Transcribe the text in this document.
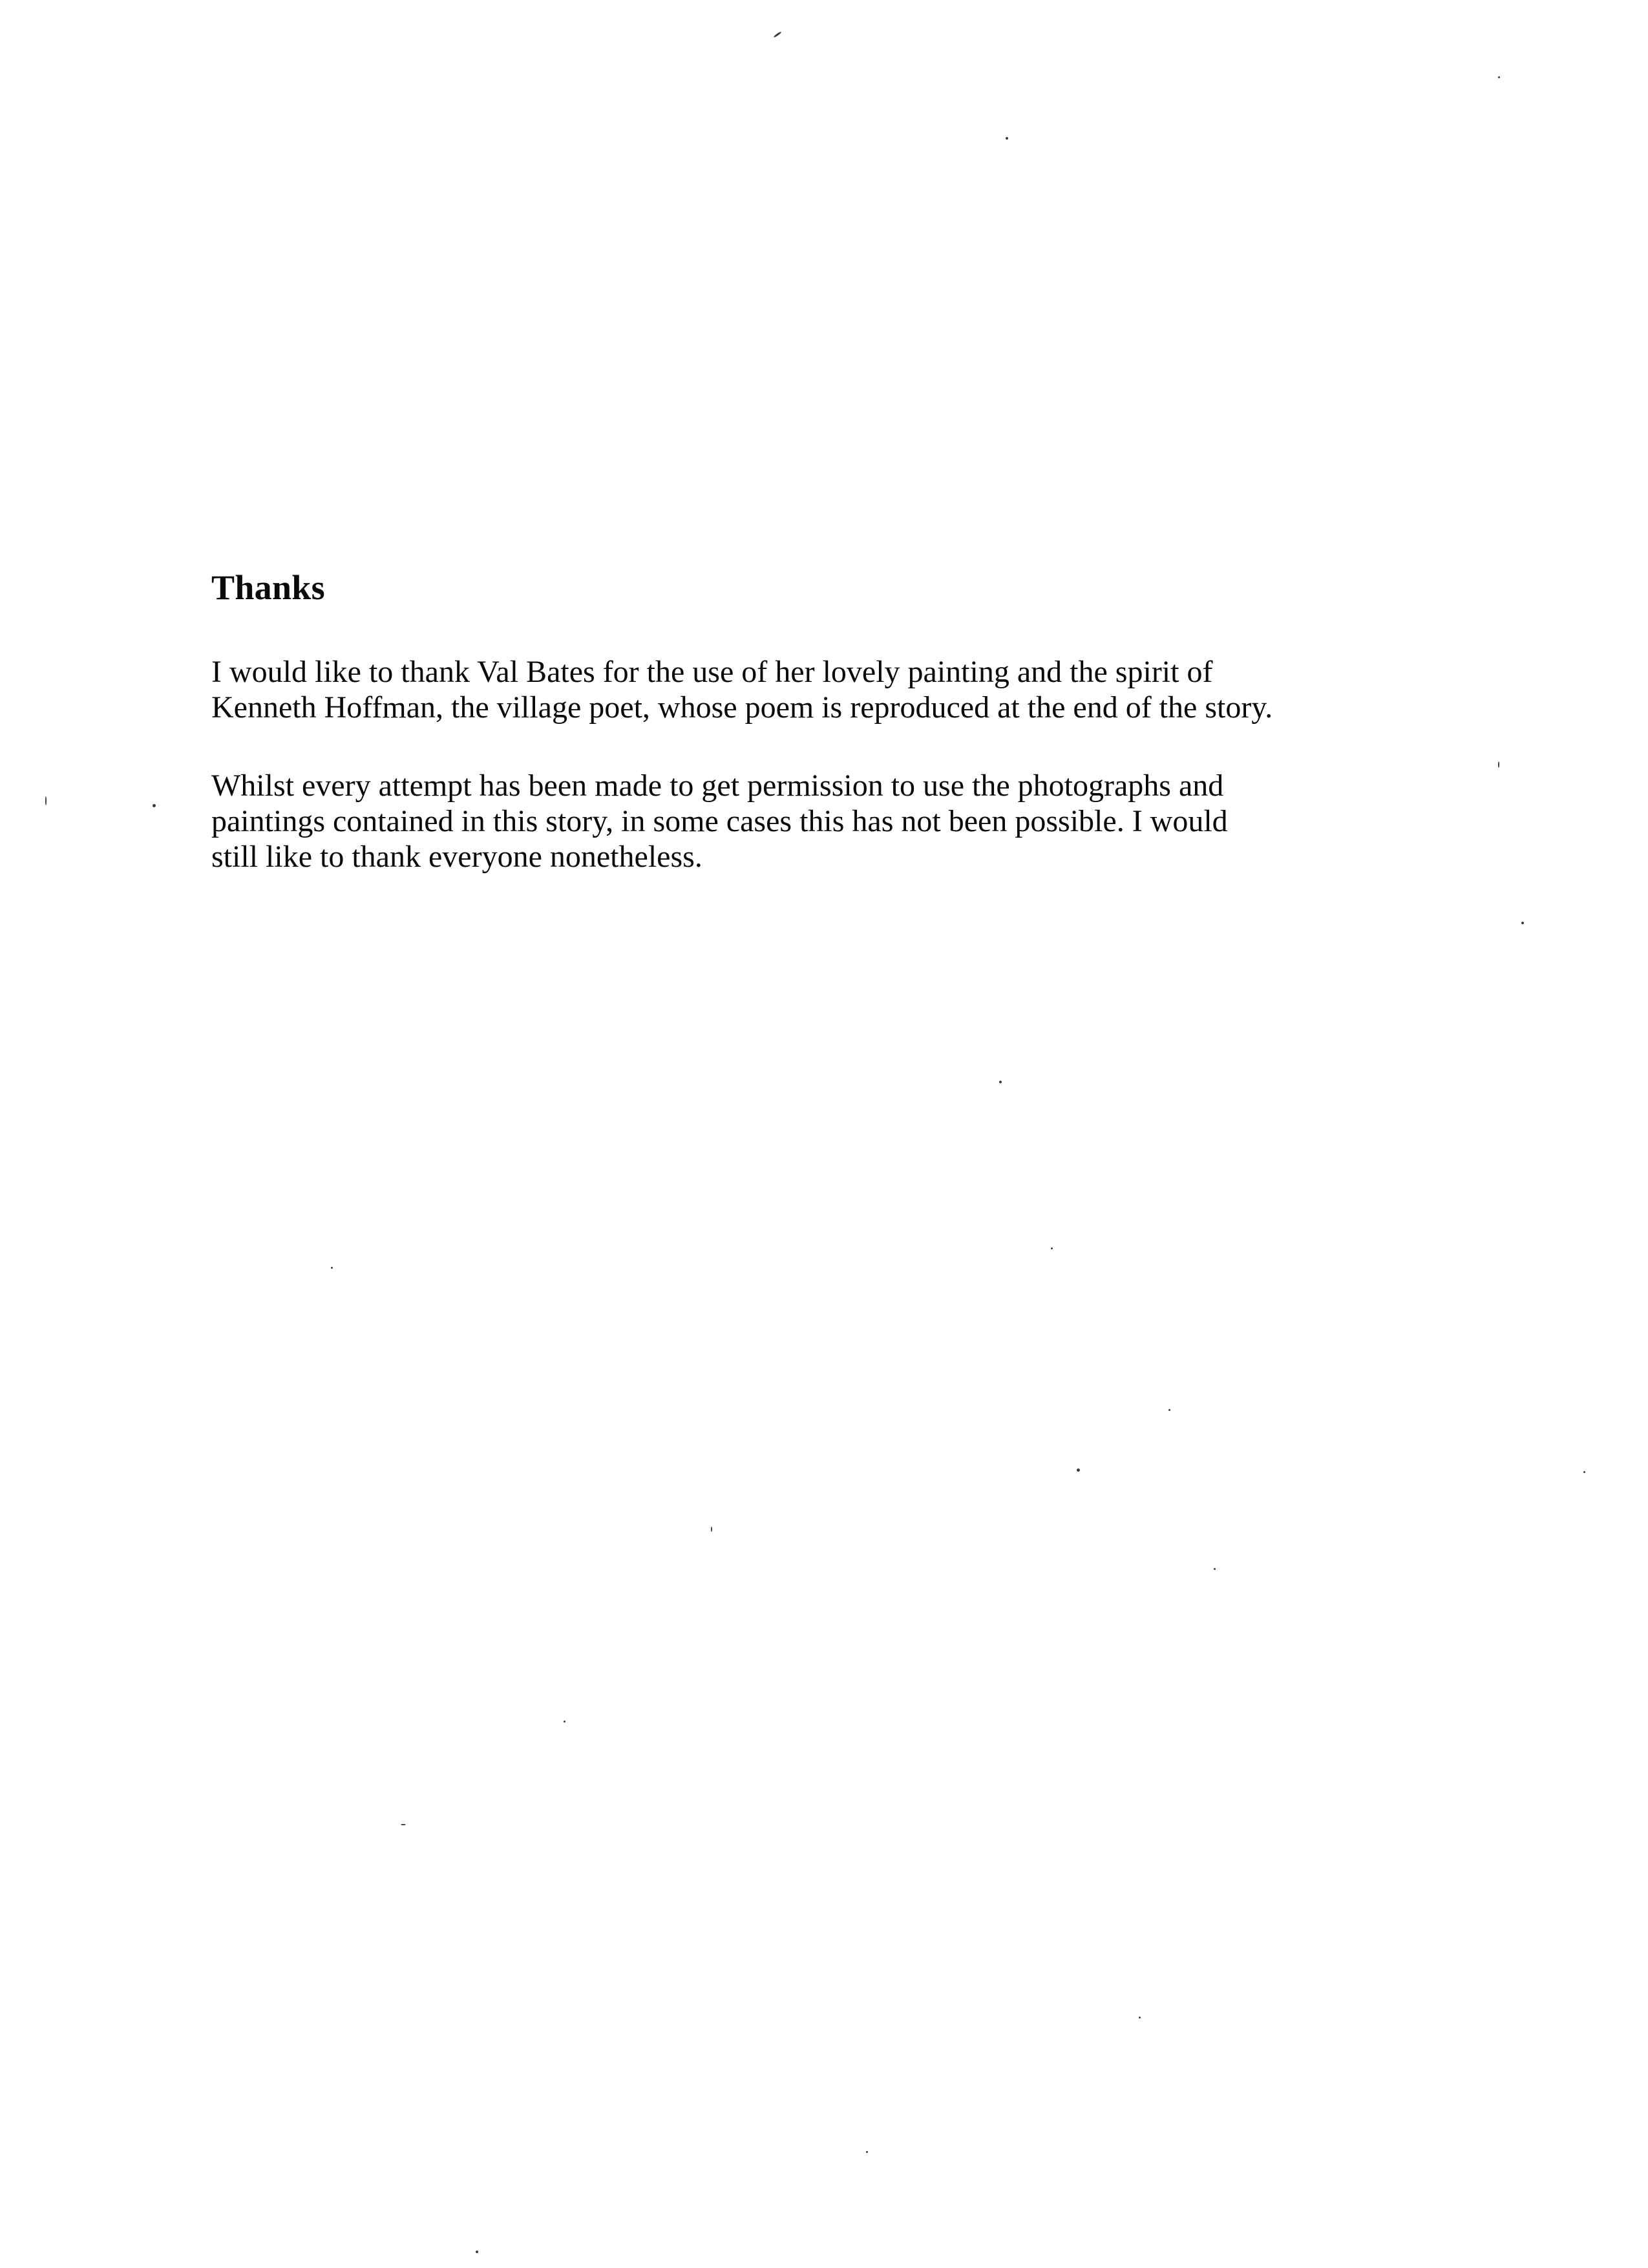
Thanks

I would like to thank Val Bates for the use of her lovely painting and the spirit of
Kenneth Hoffman, the village poet, whose poem is reproduced at the end of the story.

Whilst every attempt has been made to get permission to use the photographs and
paintings contained in this story, in some cases this has not been possible. I would
still like to thank everyone nonetheless.
